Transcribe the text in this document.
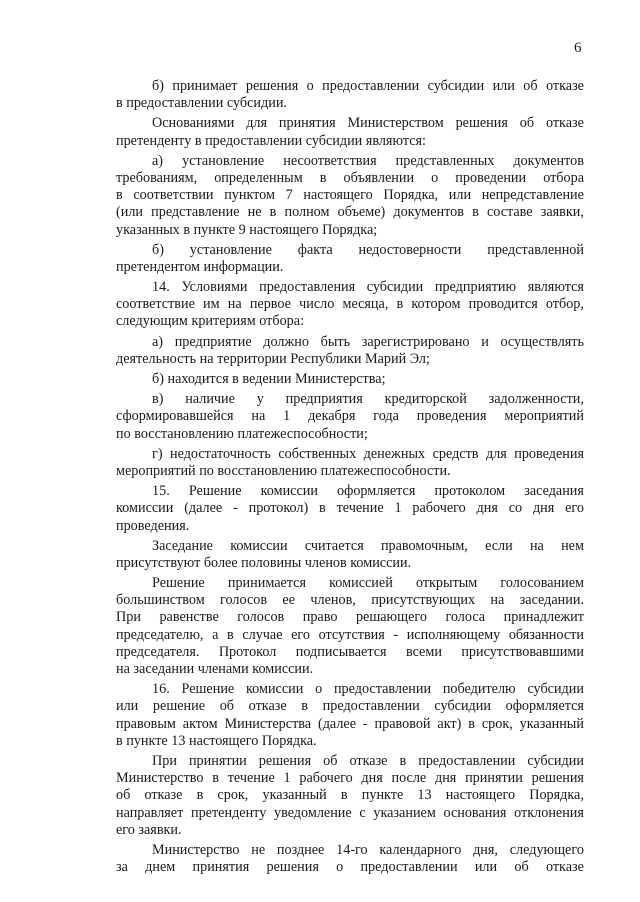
6
б) принимает решения о предоставлении субсидии или об отказе
в предоставлении субсидии.
Основаниями для принятия Министерством решения об отказе
претенденту в предоставлении субсидии являются:
а) установление несоответствия представленных документов
требованиям, определенным в объявлении о проведении отбора
в соответствии пунктом 7 настоящего Порядка, или непредставление
(или представление не в полном объеме) документов в составе заявки,
указанных в пункте 9 настоящего Порядка;
б) установление факта недостоверности представленной
претендентом информации.
14. Условиями предоставления субсидии предприятию являются
соответствие им на первое число месяца, в котором проводится отбор,
следующим критериям отбора:
а) предприятие должно быть зарегистрировано и осуществлять
деятельность на территории Республики Марий Эл;
б) находится в ведении Министерства;
в) наличие у предприятия кредиторской задолженности,
сформировавшейся на 1 декабря года проведения мероприятий
по восстановлению платежеспособности;
г) недостаточность собственных денежных средств для проведения
мероприятий по восстановлению платежеспособности.
15. Решение комиссии оформляется протоколом заседания
комиссии (далее - протокол) в течение 1 рабочего дня со дня его
проведения.
Заседание комиссии считается правомочным, если на нем
присутствуют более половины членов комиссии.
Решение принимается комиссией открытым голосованием
большинством голосов ее членов, присутствующих на заседании.
При равенстве голосов право решающего голоса принадлежит
председателю, а в случае его отсутствия - исполняющему обязанности
председателя. Протокол подписывается всеми присутствовавшими
на заседании членами комиссии.
16. Решение комиссии о предоставлении победителю субсидии
или решение об отказе в предоставлении субсидии оформляется
правовым актом Министерства (далее - правовой акт) в срок, указанный
в пункте 13 настоящего Порядка.
При принятии решения об отказе в предоставлении субсидии
Министерство в течение 1 рабочего дня после дня принятии решения
об отказе в срок, указанный в пункте 13 настоящего Порядка,
направляет претенденту уведомление с указанием основания отклонения
его заявки.
Министерство не позднее 14-го календарного дня, следующего
за днем принятия решения о предоставлении или об отказе
